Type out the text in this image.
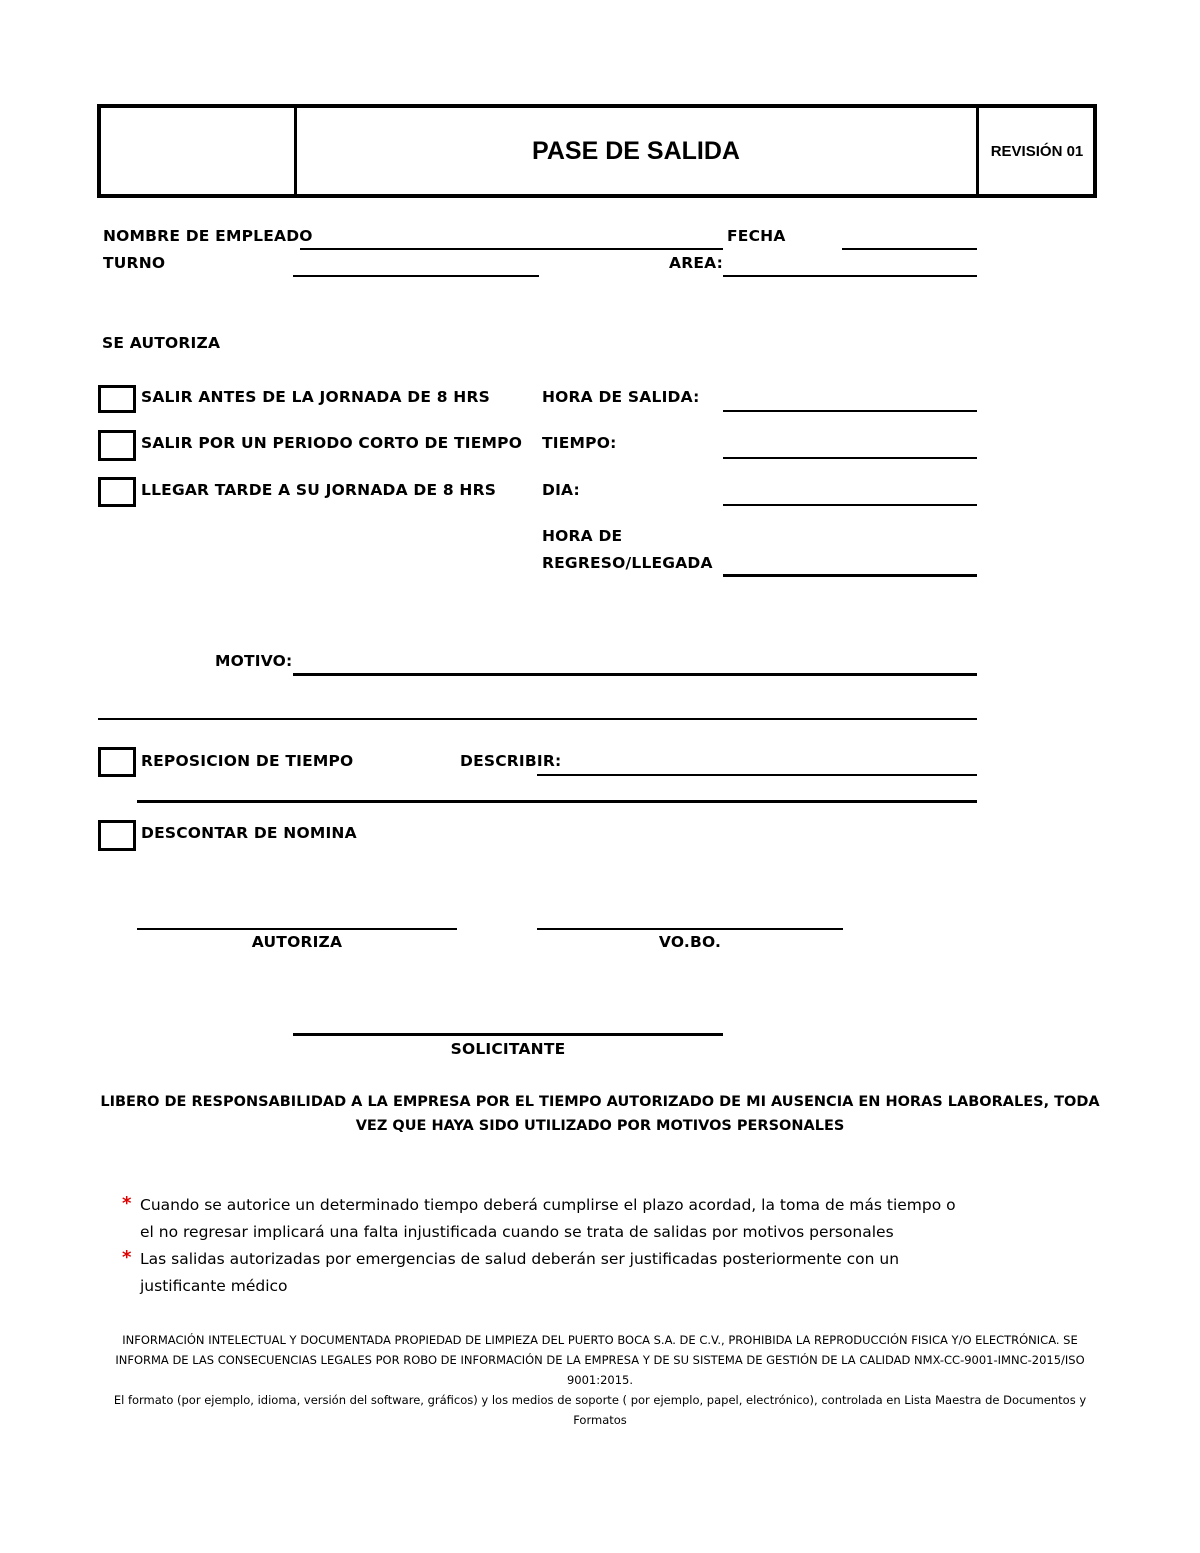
PASE DE SALIDA	REVISIÓN 01
NOMBRE DE EMPLEADO	FECHA
TURNO	AREA:
SE AUTORIZA
SALIR ANTES DE LA JORNADA DE 8 HRS	HORA DE SALIDA:
SALIR POR UN PERIODO CORTO DE TIEMPO TIEMPO:
LLEGAR TARDE A SU JORNADA DE 8 HRS	DIA:
HORA DE
REGRESO/LLEGADA
MOTIVO:
REPOSICION DE TIEMPO	DESCRIBIR:
DESCONTAR DE NOMINA
AUTORIZA	VO.BO.
SOLICITANTE
LIBERO DE RESPONSABILIDAD A LA EMPRESA POR EL TIEMPO AUTORIZADO DE MI AUSENCIA EN HORAS LABORALES, TODA VEZ QUE HAYA SIDO UTILIZADO POR MOTIVOS PERSONALES
* Cuando se autorice un determinado tiempo deberá cumplirse el plazo acordad, la toma de más tiempo o el no regresar implicará una falta injustificada cuando se trata de salidas por motivos personales
* Las salidas autorizadas por emergencias de salud deberán ser justificadas posteriormente con un justificante médico
INFORMACIÓN INTELECTUAL Y DOCUMENTADA PROPIEDAD DE LIMPIEZA DEL PUERTO BOCA S.A. DE C.V., PROHIBIDA LA REPRODUCCIÓN FISICA Y/O ELECTRÓNICA. SE INFORMA DE LAS CONSECUENCIAS LEGALES POR ROBO DE INFORMACIÓN DE LA EMPRESA Y DE SU SISTEMA DE GESTIÓN DE LA CALIDAD NMX-CC-9001-IMNC-2015/ISO 9001:2015.
El formato (por ejemplo, idioma, versión del software, gráficos) y los medios de soporte ( por ejemplo, papel, electrónico), controlada en Lista Maestra de Documentos y Formatos
